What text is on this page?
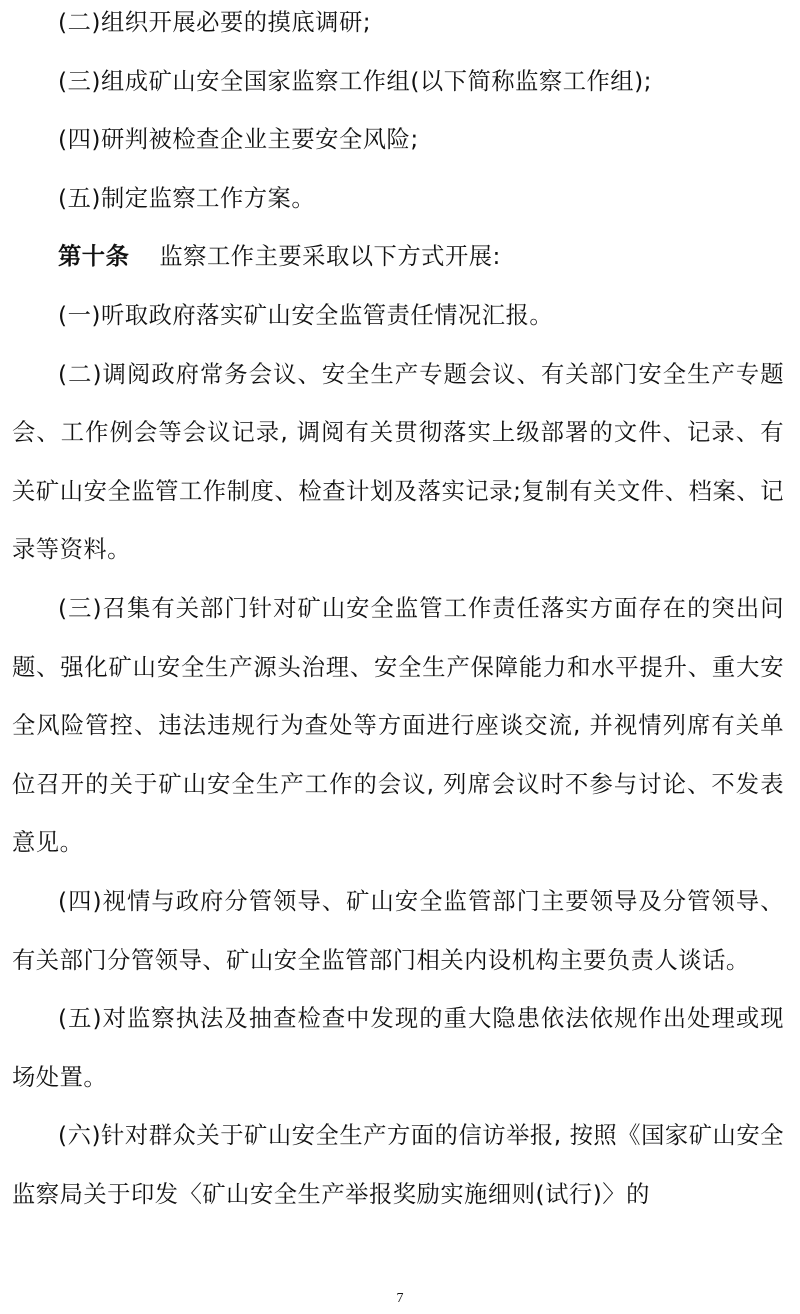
(二)组织开展必要的摸底调研;

(三)组成矿山安全国家监察工作组(以下简称监察工作组);

(四)研判被检查企业主要安全风险;

(五)制定监察工作方案。

第十条 监察工作主要采取以下方式开展:

(一)听取政府落实矿山安全监管责任情况汇报。

(二)调阅政府常务会议、安全生产专题会议、有关部门安全生产专题会、工作例会等会议记录, 调阅有关贯彻落实上级部署的文件、记录、有关矿山安全监管工作制度、检查计划及落实记录;复制有关文件、档案、记录等资料。

(三)召集有关部门针对矿山安全监管工作责任落实方面存在的突出问题、强化矿山安全生产源头治理、安全生产保障能力和水平提升、重大安全风险管控、违法违规行为查处等方面进行座谈交流, 并视情列席有关单位召开的关于矿山安全生产工作的会议, 列席会议时不参与讨论、不发表意见。

(四)视情与政府分管领导、矿山安全监管部门主要领导及分管领导、有关部门分管领导、矿山安全监管部门相关内设机构主要负责人谈话。

(五)对监察执法及抽查检查中发现的重大隐患依法依规作出处理或现场处置。

(六)针对群众关于矿山安全生产方面的信访举报, 按照《国家矿山安全监察局关于印发〈矿山安全生产举报奖励实施细则(试行)〉的

7
